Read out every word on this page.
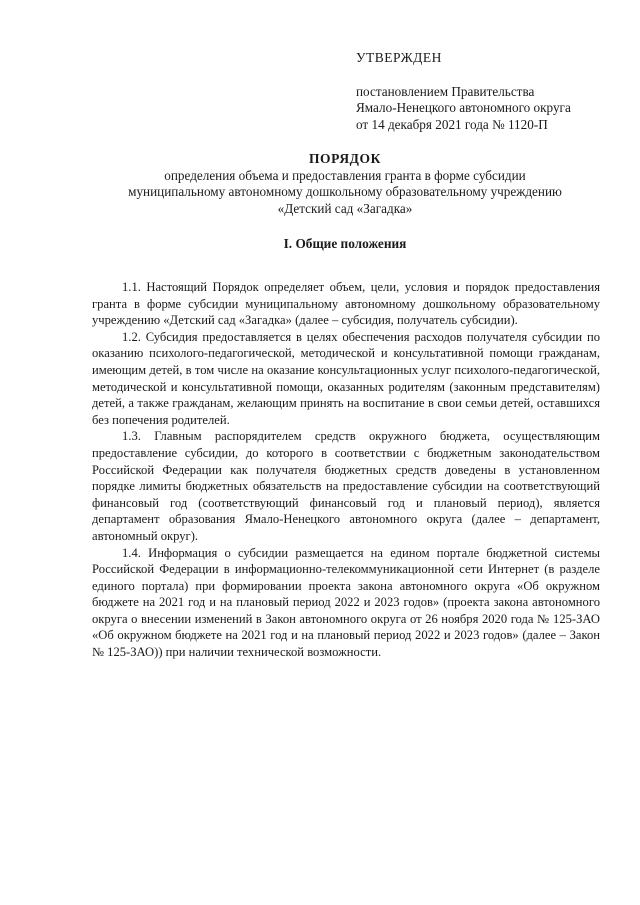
УТВЕРЖДЕН
постановлением Правительства
Ямало-Ненецкого автономного округа
от 14 декабря 2021 года № 1120-П
ПОРЯДОК
определения объема и предоставления гранта в форме субсидии
муниципальному автономному дошкольному образовательному учреждению
«Детский сад «Загадка»
I. Общие положения

1.1. Настоящий Порядок определяет объем, цели, условия и порядок предоставления гранта в форме субсидии муниципальному автономному дошкольному образовательному учреждению «Детский сад «Загадка» (далее – субсидия, получатель субсидии).

1.2. Субсидия предоставляется в целях обеспечения расходов получателя субсидии по оказанию психолого-педагогической, методической и консультативной помощи гражданам, имеющим детей, в том числе на оказание консультационных услуг психолого-педагогической, методической и консультативной помощи, оказанных родителям (законным представителям) детей, а также гражданам, желающим принять на воспитание в свои семьи детей, оставшихся без попечения родителей.

1.3. Главным распорядителем средств окружного бюджета, осуществляющим предоставление субсидии, до которого в соответствии с бюджетным законодательством Российской Федерации как получателя бюджетных средств доведены в установленном порядке лимиты бюджетных обязательств на предоставление субсидии на соответствующий финансовый год (соответствующий финансовый год и плановый период), является департамент образования Ямало-Ненецкого автономного округа (далее – департамент, автономный округ).

1.4. Информация о субсидии размещается на едином портале бюджетной системы Российской Федерации в информационно-телекоммуникационной сети Интернет (в разделе единого портала) при формировании проекта закона автономного округа «Об окружном бюджете на 2021 год и на плановый период 2022 и 2023 годов» (проекта закона автономного округа о внесении изменений в Закон автономного округа от 26 ноября 2020 года № 125-ЗАО «Об окружном бюджете на 2021 год и на плановый период 2022 и 2023 годов» (далее – Закон № 125-ЗАО)) при наличии технической возможности.
